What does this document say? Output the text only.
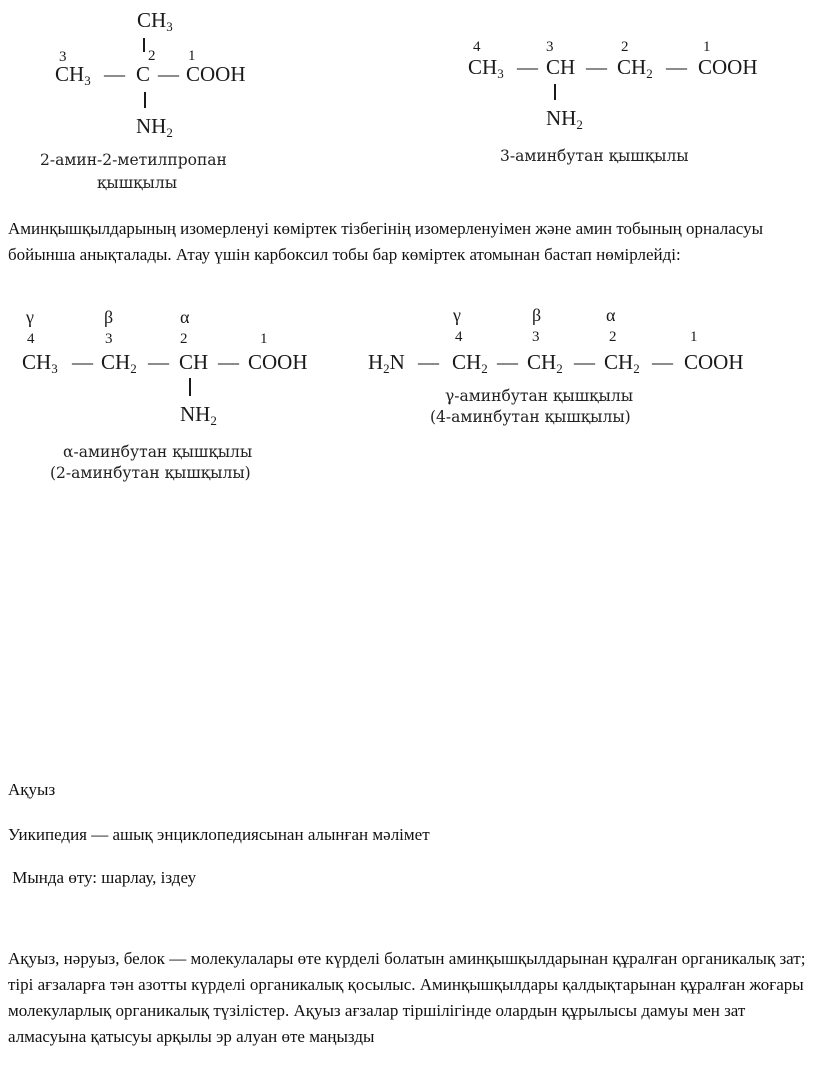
$CH_3$
3	2 1
$CH_3$ — C — COOH
$NH_2$
2-амин-2-метилпропан
қышқылы
4	3	2	1
$CH_3$ — CH — $CH_2$ — COOH
$NH_2$
3-аминбутан қышқылы
Аминқышқылдарының изомерленуі көміртек тізбегінің изомерленуімен және амин тобының орналасуы бойынша анықталады. Атау үшін карбоксил тобы бар көміртек атомынан бастап нөмірлейді:
γ	β	α
4	3	2	1
$CH_3$ — $CH_2$ — CH — COOH
$NH_2$
α-аминбутан қышқылы
(2-аминбутан қышқылы)
γ	β	α
4	3	2	1
$H_2N$ — $CH_2$ — $CH_2$ — $CH_2$ — COOH
γ-аминбутан қышқылы
(4-аминбутан қышқылы)
Ақуыз
Уикипедия — ашық энциклопедиясынан алынған мәлімет
Мында өту: шарлау, іздеу
Ақуыз, нәруыз, белок — молекулалары өте күрделі болатын аминқышқылдарынан құралған органикалық зат; тірі ағзаларға тән азотты күрделі органикалық қосылыс. Аминқышқылдары қалдықтарынан құралған жоғары молекуларлық органикалық түзілістер. Ақуыз ағзалар тіршілігінде олардын құрылысы дамуы мен зат алмасуына қатысуы арқылы эр алуан өте маңызды
